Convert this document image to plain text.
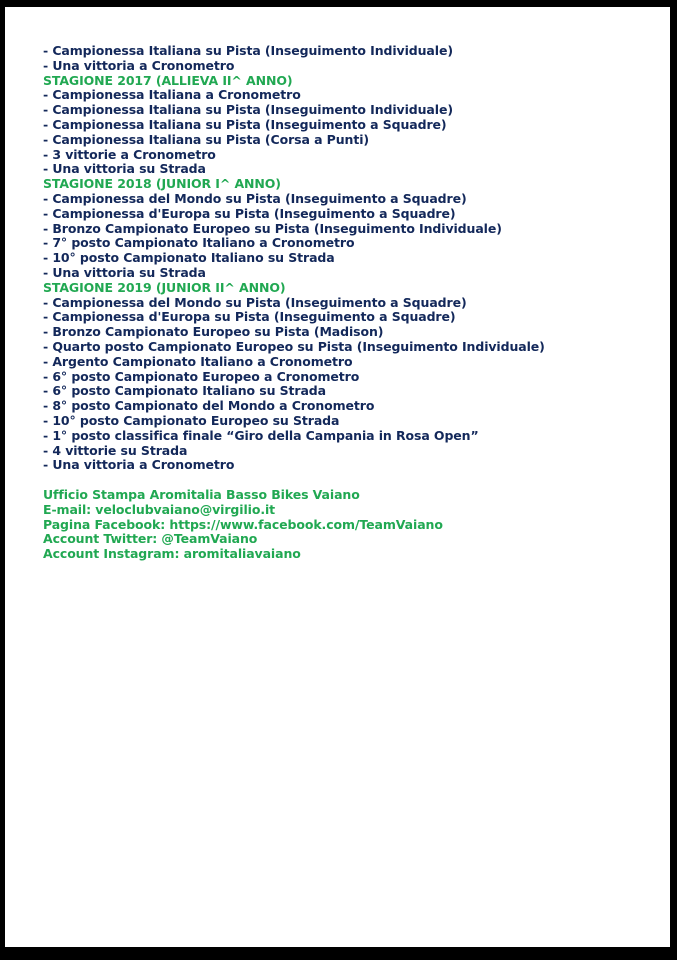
- Campionessa Italiana su Pista (Inseguimento Individuale)
- Una vittoria a Cronometro
STAGIONE 2017 (ALLIEVA II^ ANNO)
- Campionessa Italiana a Cronometro
- Campionessa Italiana su Pista (Inseguimento Individuale)
- Campionessa Italiana su Pista (Inseguimento a Squadre)
- Campionessa Italiana su Pista (Corsa a Punti)
- 3 vittorie a Cronometro
- Una vittoria su Strada
STAGIONE 2018 (JUNIOR I^ ANNO)
- Campionessa del Mondo su Pista (Inseguimento a Squadre)
- Campionessa d'Europa su Pista (Inseguimento a Squadre)
- Bronzo Campionato Europeo su Pista (Inseguimento Individuale)
- 7° posto Campionato Italiano a Cronometro
- 10° posto Campionato Italiano su Strada
- Una vittoria su Strada
STAGIONE 2019 (JUNIOR II^ ANNO)
- Campionessa del Mondo su Pista (Inseguimento a Squadre)
- Campionessa d'Europa su Pista (Inseguimento a Squadre)
- Bronzo Campionato Europeo su Pista (Madison)
- Quarto posto Campionato Europeo su Pista (Inseguimento Individuale)
- Argento Campionato Italiano a Cronometro
- 6° posto Campionato Europeo a Cronometro
- 6° posto Campionato Italiano su Strada
- 8° posto Campionato del Mondo a Cronometro
- 10° posto Campionato Europeo su Strada
- 1° posto classifica finale “Giro della Campania in Rosa Open”
- 4 vittorie su Strada
- Una vittoria a Cronometro
Ufficio Stampa Aromitalia Basso Bikes Vaiano
E-mail: veloclubvaiano@virgilio.it
Pagina Facebook: https://www.facebook.com/TeamVaiano
Account Twitter: @TeamVaiano
Account Instagram: aromitaliavaiano
